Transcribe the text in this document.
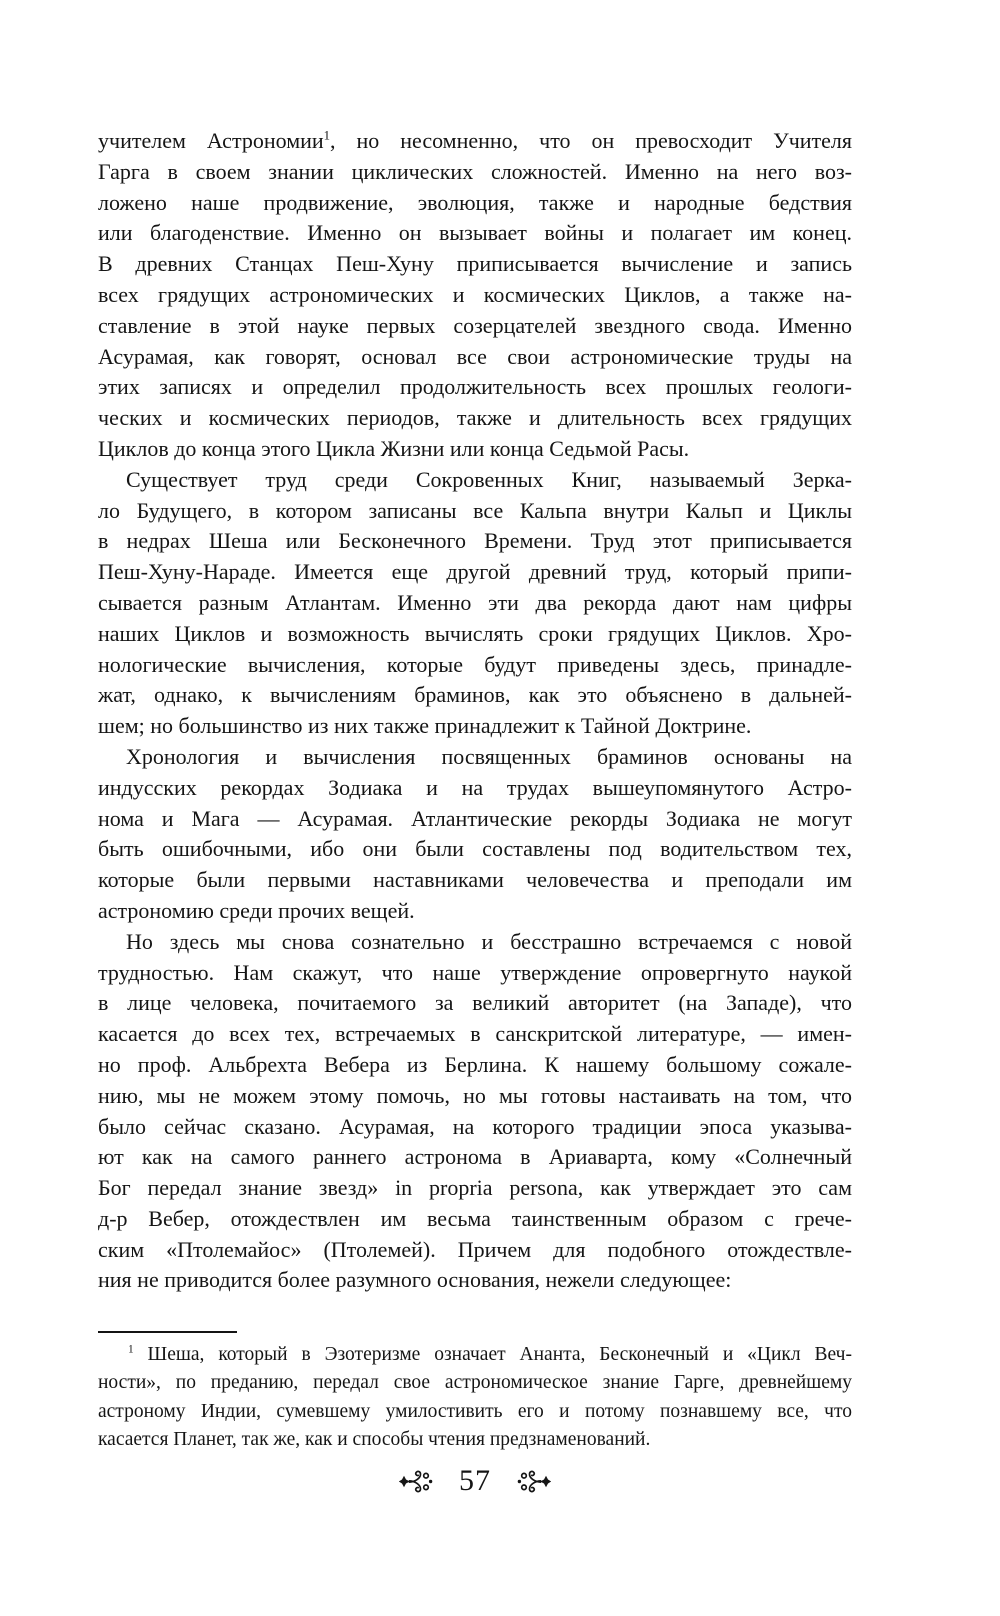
учителем Астрономии$^1$, но несомненно, что он превосходит Учителя
Гарга в своем знании циклических сложностей. Именно на него воз-
ложено наше продвижение, эволюция, также и народные бедствия
или благоденствие. Именно он вызывает войны и полагает им конец.
В древних Станцах Пеш-Хуну приписывается вычисление и запись
всех грядущих астрономических и космических Циклов, а также на-
ставление в этой науке первых созерцателей звездного свода. Именно
Асурамая, как говорят, основал все свои астрономические труды на
этих записях и определил продолжительность всех прошлых геологи-
ческих и космических периодов, также и длительность всех грядущих
Циклов до конца этого Цикла Жизни или конца Седьмой Расы.
Существует труд среди Сокровенных Книг, называемый Зерка-
ло Будущего, в котором записаны все Кальпа внутри Кальп и Циклы
в недрах Шеша или Бесконечного Времени. Труд этот приписывается
Пеш-Хуну-Нараде. Имеется еще другой древний труд, который припи-
сывается разным Атлантам. Именно эти два рекорда дают нам цифры
наших Циклов и возможность вычислять сроки грядущих Циклов. Хро-
нологические вычисления, которые будут приведены здесь, принадле-
жат, однако, к вычислениям браминов, как это объяснено в дальней-
шем; но большинство из них также принадлежит к Тайной Доктрине.
Хронология и вычисления посвященных браминов основаны на
индусских рекордах Зодиака и на трудах вышеупомянутого Астро-
нома и Мага — Асурамая. Атлантические рекорды Зодиака не могут
быть ошибочными, ибо они были составлены под водительством тех,
которые были первыми наставниками человечества и преподали им
астрономию среди прочих вещей.
Но здесь мы снова сознательно и бесстрашно встречаемся с новой
трудностью. Нам скажут, что наше утверждение опровергнуто наукой
в лице человека, почитаемого за великий авторитет (на Западе), что
касается до всех тех, встречаемых в санскритской литературе, — имен-
но проф. Альбрехта Вебера из Берлина. К нашему большому сожале-
нию, мы не можем этому помочь, но мы готовы настаивать на том, что
было сейчас сказано. Асурамая, на которого традиции эпоса указыва-
ют как на самого раннего астронома в Ариаварта, кому «Солнечный
Бог передал знание звезд» in propria persona, как утверждает это сам
д-р Вебер, отождествлен им весьма таинственным образом с грече-
ским «Птолемайос» (Птолемей). Причем для подобного отождествле-
ния не приводится более разумного основания, нежели следующее:
$^1$ Шеша, который в Эзотеризме означает Ананта, Бесконечный и «Цикл Веч-
ности», по преданию, передал свое астрономическое знание Гарге, древнейшему
астроному Индии, сумевшему умилостивить его и потому познавшему все, что
касается Планет, так же, как и способы чтения предзнаменований.
57
